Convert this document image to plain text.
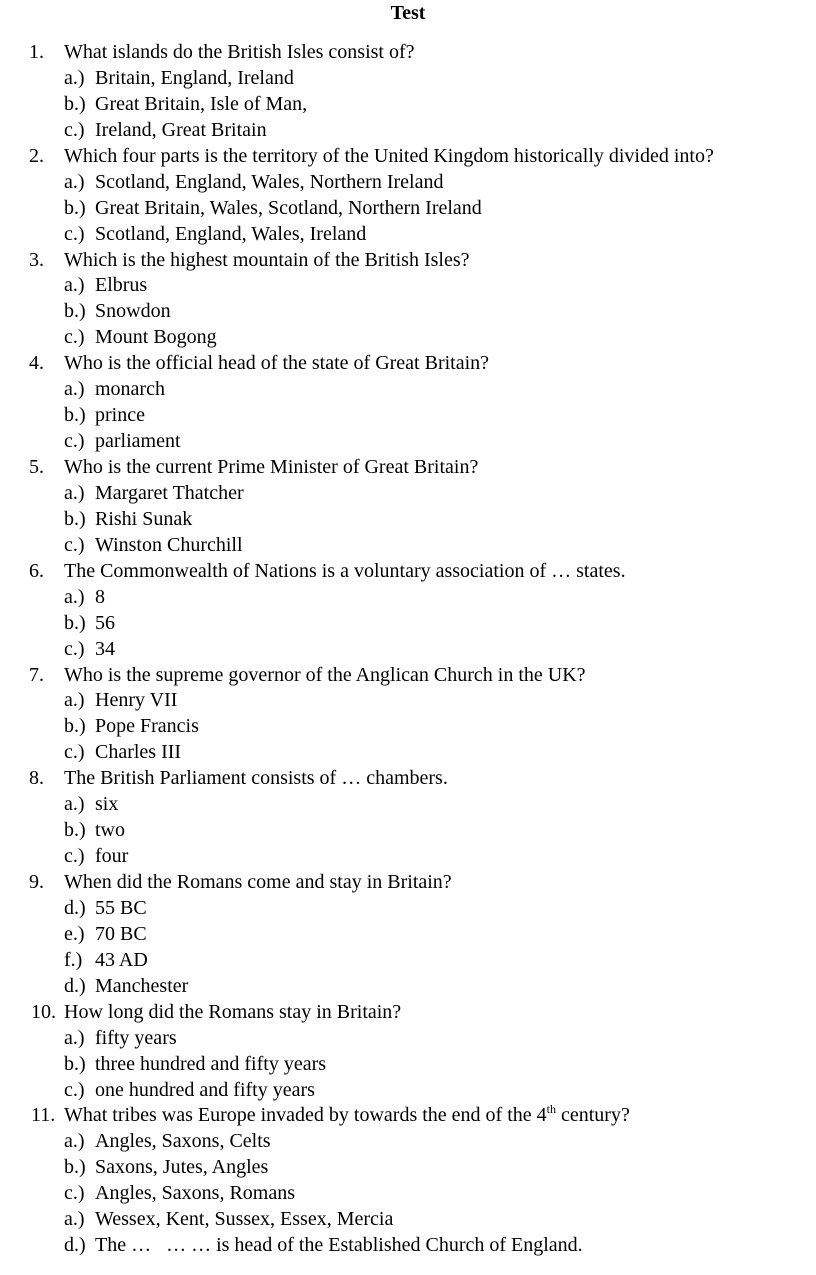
Test
1.	What islands do the British Isles consist of?
a.) Britain, England, Ireland
b.) Great Britain, Isle of Man,
c.) Ireland, Great Britain
2.	Which four parts is the territory of the United Kingdom historically divided into?
a.) Scotland, England, Wales, Northern Ireland
b.) Great Britain, Wales, Scotland, Northern Ireland
c.) Scotland, England, Wales, Ireland
3.	Which is the highest mountain of the British Isles?
a.) Elbrus
b.) Snowdon
c.) Mount Bogong
4.	Who is the official head of the state of Great Britain?
a.) monarch
b.) prince
c.) parliament
5.	Who is the current Prime Minister of Great Britain?
a.) Margaret Thatcher
b.) Rishi Sunak
c.) Winston Churchill
6.	The Commonwealth of Nations is a voluntary association of … states.
a.) 8
b.) 56
c.) 34
7.	Who is the supreme governor of the Anglican Church in the UK?
a.) Henry VII
b.) Pope Francis
c.) Charles III
8.	The British Parliament consists of … chambers.
a.) six
b.) two
c.) four
9.	When did the Romans come and stay in Britain?
d.) 55 BC
e.) 70 BC
f.) 43 AD
d.) Manchester
10. How long did the Romans stay in Britain?
a.) fifty years
b.) three hundred and fifty years
c.) one hundred and fifty years
11. What tribes was Europe invaded by towards the end of the 4th century?
a.) Angles, Saxons, Celts
b.) Saxons, Jutes, Angles
c.) Angles, Saxons, Romans
a.) Wessex, Kent, Sussex, Essex, Mercia
d.) The …   … … is head of the Established Church of England.
